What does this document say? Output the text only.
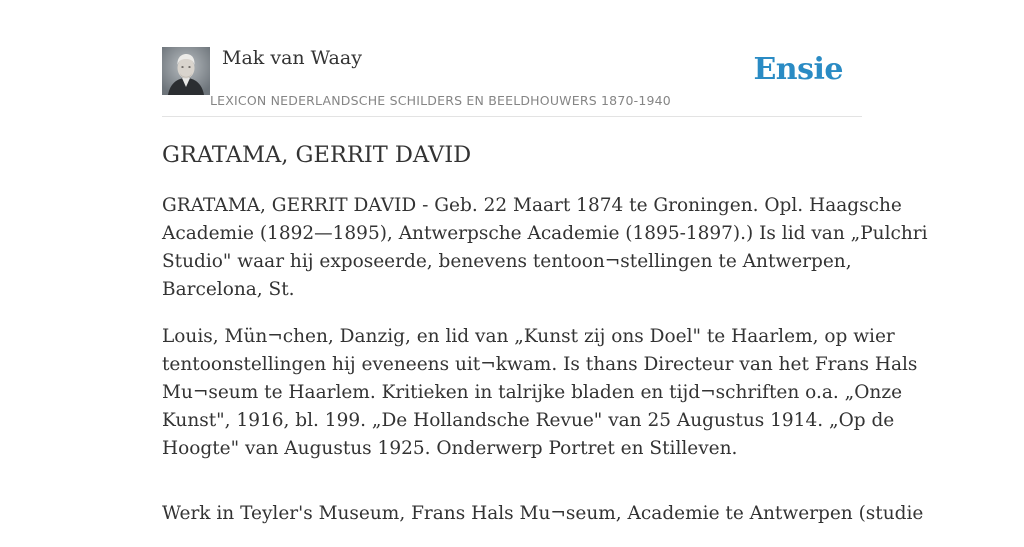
Mak van Waay
LEXICON NEDERLANDSCHE SCHILDERS EN BEELDHOUWERS 1870-1940
Ensie
GRATAMA, GERRIT DAVID

GRATAMA, GERRIT DAVID - Geb. 22 Maart 1874 te Groningen. Opl. Haagsche
Academie (1892—1895), Antwerpsche Academie (1895-1897).) Is lid van „Pulchri
Studio" waar hij exposeerde, benevens tentoon¬stellingen te Antwerpen,
Barcelona, St.

Louis, Mün¬chen, Danzig, en lid van „Kunst zij ons Doel" te Haarlem, op wier
tentoonstellingen hij eveneens uit¬kwam. Is thans Directeur van het Frans Hals
Mu¬seum te Haarlem. Kritieken in talrijke bladen en tijd¬schriften o.a. „Onze
Kunst", 1916, bl. 199. „De Hollandsche Revue" van 25 Augustus 1914. „Op de
Hoogte" van Augustus 1925. Onderwerp Portret en Stilleven.

Werk in Teyler's Museum, Frans Hals Mu¬seum, Academie te Antwerpen (studie
